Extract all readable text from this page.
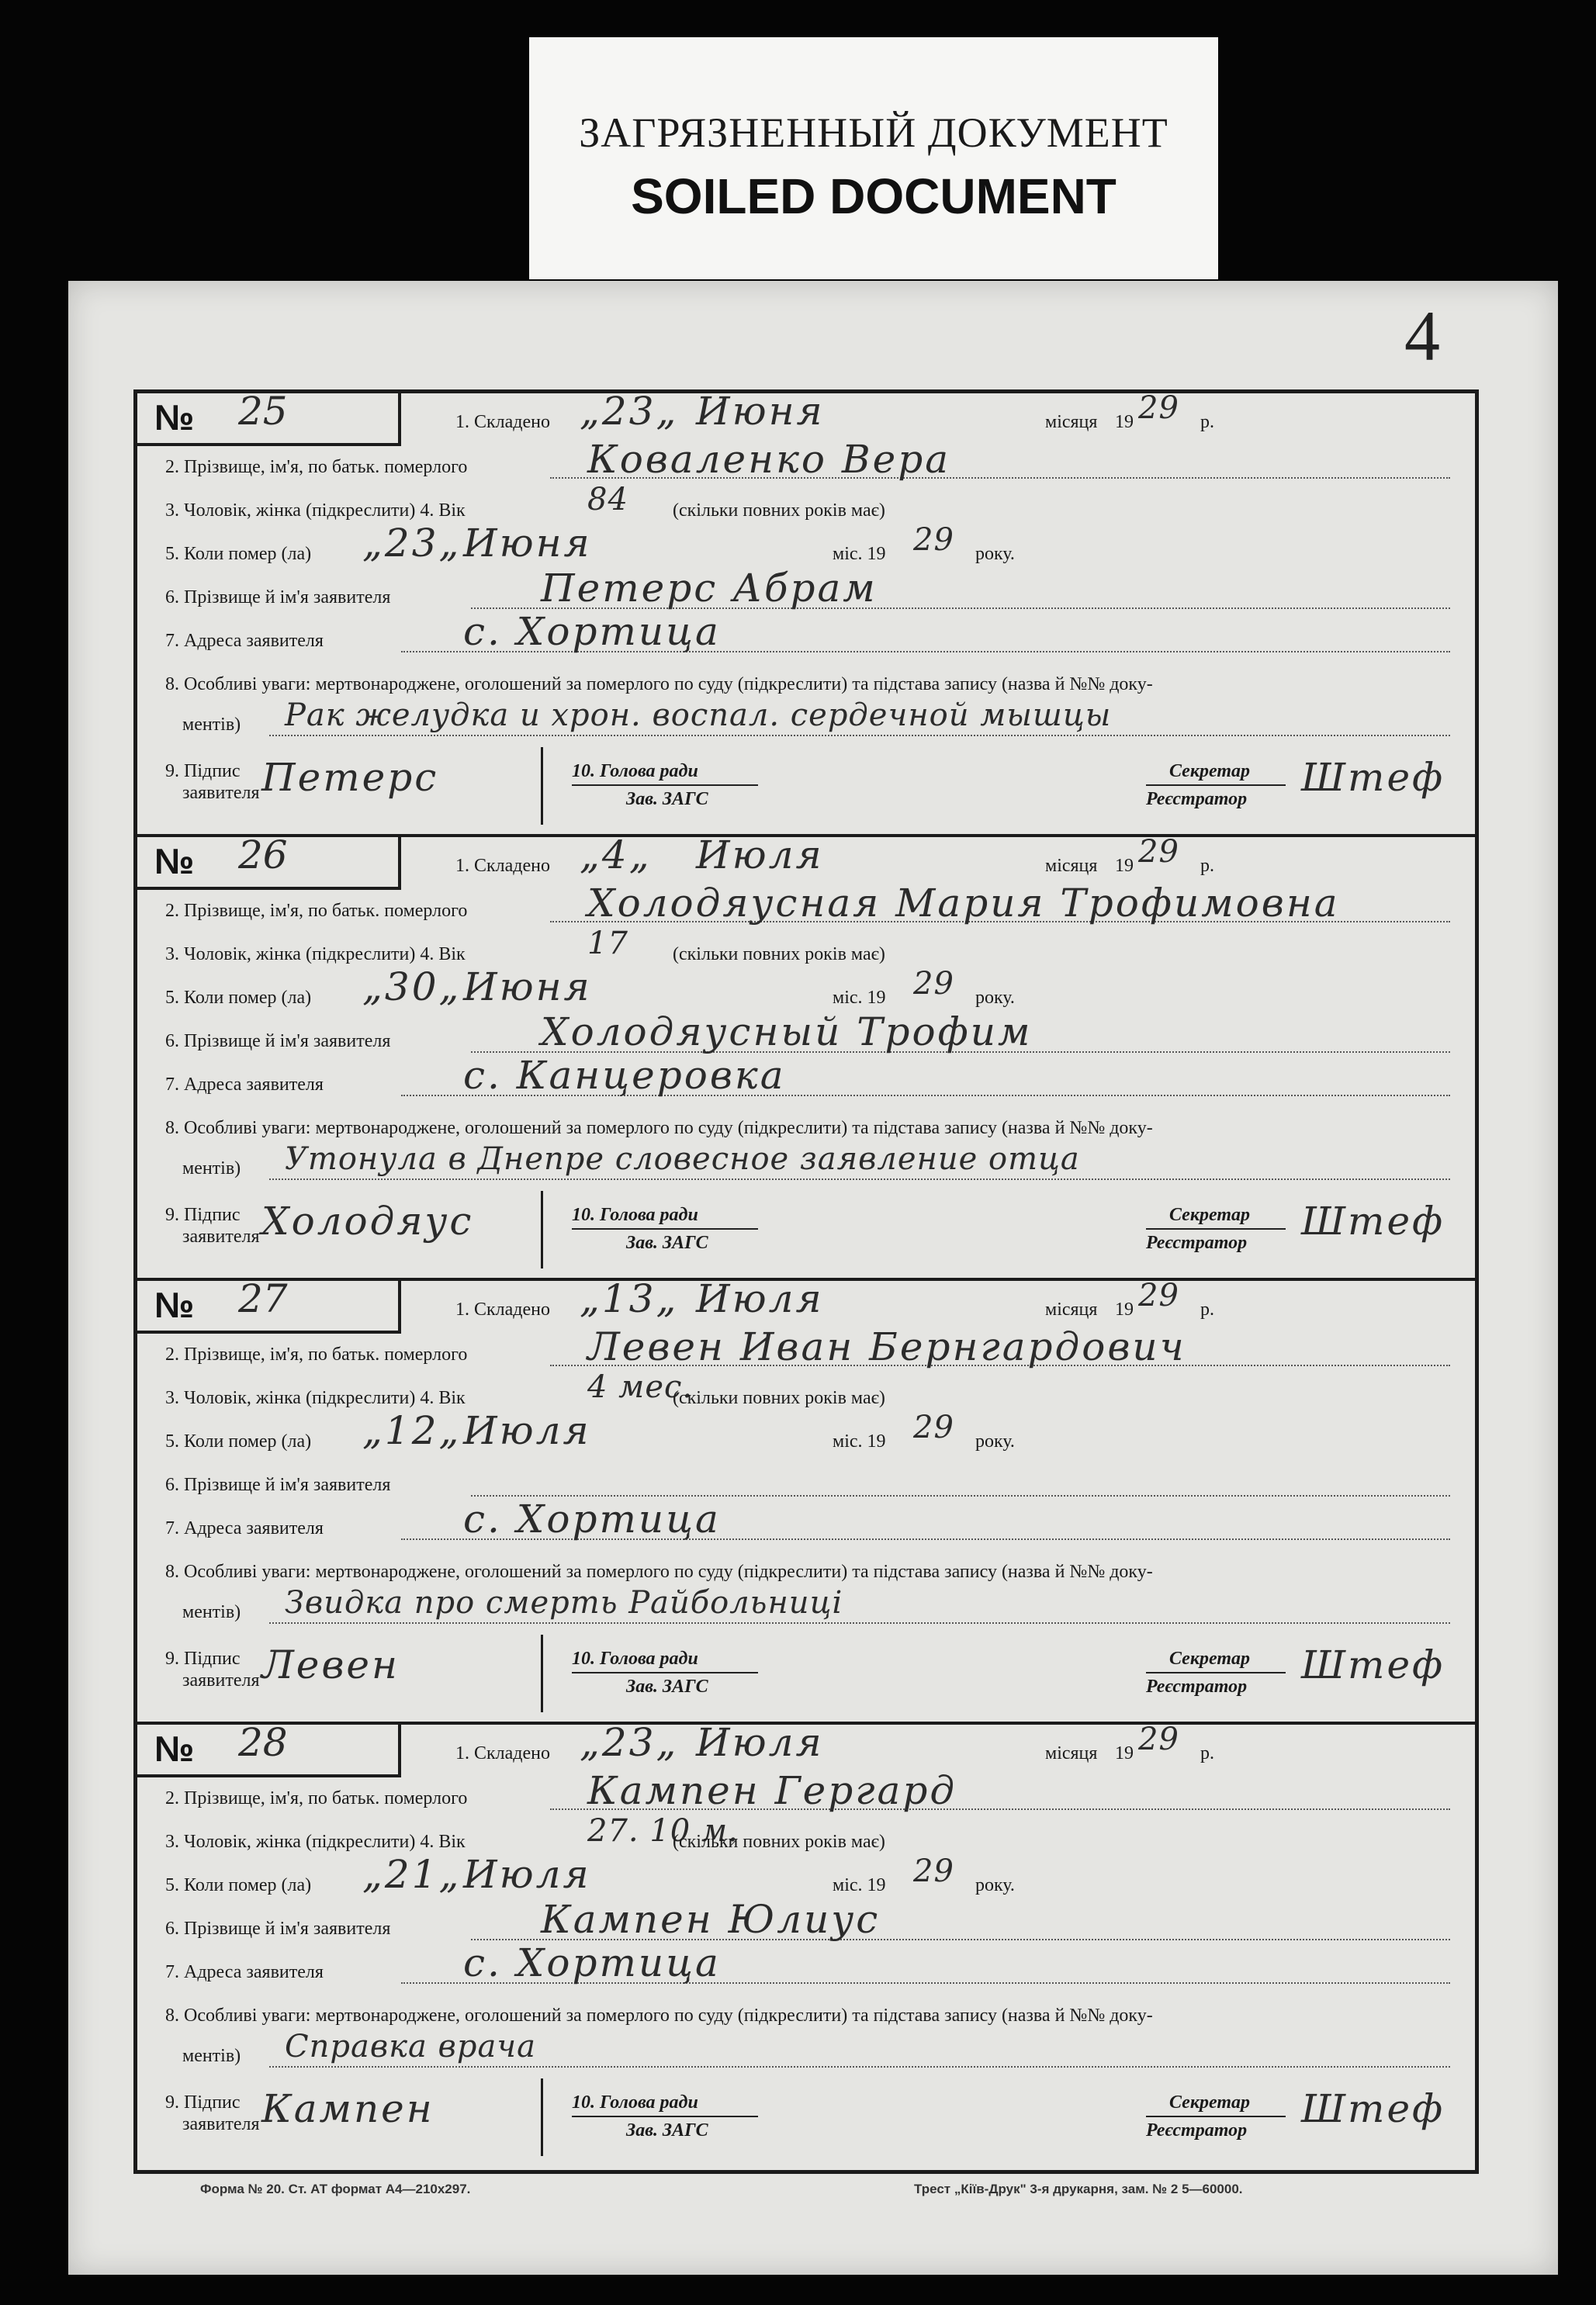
ЗАГРЯЗНЕННЫЙ ДОКУМЕНТ
SOILED DOCUMENT
4
№ 25	1. Складено „23„ Июня	місяця 19 29 р.
2. Прізвище, ім'я, по батьк. померлого	Коваленко Вера
3. Чоловік, жінка (підкреслити) 4. Вік	84 (скільки повних років має)
5. Коли помер (ла) „23„ Июня	міс. 19 29 року.
6. Прізвище й ім'я заявителя	Петерс Абрам
7. Адреса заявителя	с. Хортица
8. Особливі уваги: мертвонароджене, оголошений за померлого по суду (підкреслити) та підстава запису (назва й №№ доку-
ментів) Рак желудка и хрон. воспал. сердечной мышцы
9. Підпис
заявителя Петерс	10. Голова ради
Зав. ЗАГС
Секретар
Реєстратор Штеф
№ 26	1. Складено „4„ Июля	місяця 19 29 р.
2. Прізвище, ім'я, по батьк. померлого	Холодяусная Мария Трофимовна
3. Чоловік, жінка (підкреслити) 4. Вік	17 (скільки повних років має)
5. Коли помер (ла) „30„ Июня	міс. 19 29 року.
6. Прізвище й ім'я заявителя	Холодяусный Трофим
7. Адреса заявителя	с. Канцеровка
8. Особливі уваги: мертвонароджене, оголошений за померлого по суду (підкреслити) та підстава запису (назва й №№ доку-
ментів) Утонула в Днепре словесное заявление отца
9. Підпис
заявителя Холодяус	10. Голова ради
Зав. ЗАГС
Секретар
Реєстратор Штеф
№ 27	1. Складено „13„ Июля	місяця 19 29 р.
2. Прізвище, ім'я, по батьк. померлого	Левен Иван Бернгардович
3. Чоловік, жінка (підкреслити) 4. Вік	4 мес.
(скільки повних років має)
5. Коли помер (ла) „12„ Июля	міс. 19 29 року.
6. Прізвище й ім'я заявителя
7. Адреса заявителя	с. Хортица
8. Особливі уваги: мертвонароджене, оголошений за померлого по суду (підкреслити) та підстава запису (назва й №№ доку-
ментів) Звидка про смерть Райбольниці
9. Підпис
заявителя Левен	10. Голова ради
Зав. ЗАГС
Секретар
Реєстратор Штеф
№ 28	1. Складено „23„ Июля	місяця 19 29 р.
2. Прізвище, ім'я, по батьк. померлого	Кампен Гергард
3. Чоловік, жінка (підкреслити) 4. Вік	27. 10 м.
(скільки повних років має)
5. Коли помер (ла) „21„ Июля	міс. 19 29 року.
6. Прізвище й ім'я заявителя	Кампен Юлиус
7. Адреса заявителя	с. Хортица
8. Особливі уваги: мертвонароджене, оголошений за померлого по суду (підкреслити) та підстава запису (назва й №№ доку-
ментів) Справка врача
9. Підпис
заявителя Кампен	10. Голова ради
Зав. ЗАГС
Секретар
Реєстратор Штеф
Форма № 20. Ст. АТ формат А4—210х297.	Трест „Кіїв-Друк" 3-я друкарня, зам. № 2 5—60000.
